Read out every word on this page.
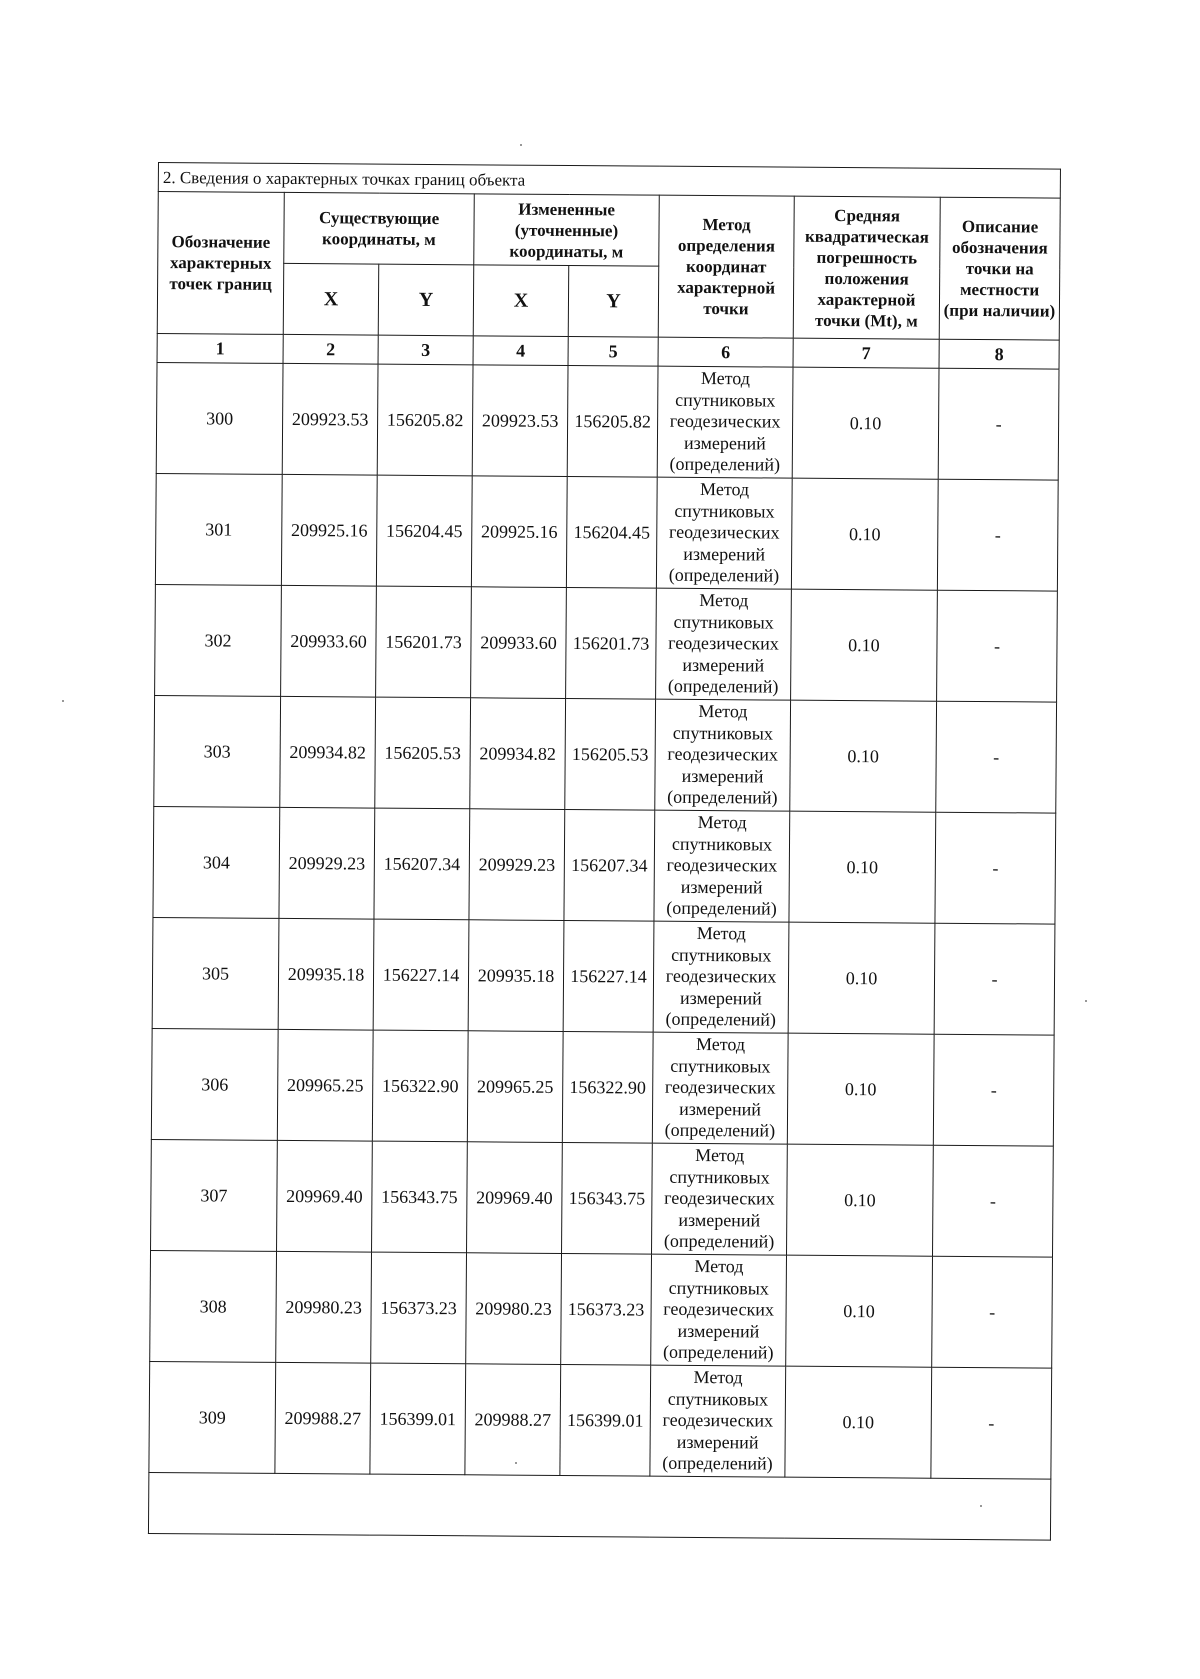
2. Сведения о характерных точках границ объекта							
Обозначение характерных точек границ	Существующие координаты, м		Измененные (уточненные) координаты, м		Метод определения координат характерной точки	Средняя квадратическая погрешность положения характерной точки (Mt), м	Описание обозначения точки на местности (при наличии)
	X	Y	X	Y			
1	2	3	4	5	6	7	8
300	209923.53	156205.82	209923.53	156205.82	Метод спутниковых геодезических измерений (определений)	0.10	-
301	209925.16	156204.45	209925.16	156204.45	Метод спутниковых геодезических измерений (определений)	0.10	-
302	209933.60	156201.73	209933.60	156201.73	Метод спутниковых геодезических измерений (определений)	0.10	-
303	209934.82	156205.53	209934.82	156205.53	Метод спутниковых геодезических измерений (определений)	0.10	-
304	209929.23	156207.34	209929.23	156207.34	Метод спутниковых геодезических измерений (определений)	0.10	-
305	209935.18	156227.14	209935.18	156227.14	Метод спутниковых геодезических измерений (определений)	0.10	-
306	209965.25	156322.90	209965.25	156322.90	Метод спутниковых геодезических измерений (определений)	0.10	-
307	209969.40	156343.75	209969.40	156343.75	Метод спутниковых геодезических измерений (определений)	0.10	-
308	209980.23	156373.23	209980.23	156373.23	Метод спутниковых геодезических измерений (определений)	0.10	-
309	209988.27	156399.01	209988.27	156399.01	Метод спутниковых геодезических измерений (определений)	0.10	-
